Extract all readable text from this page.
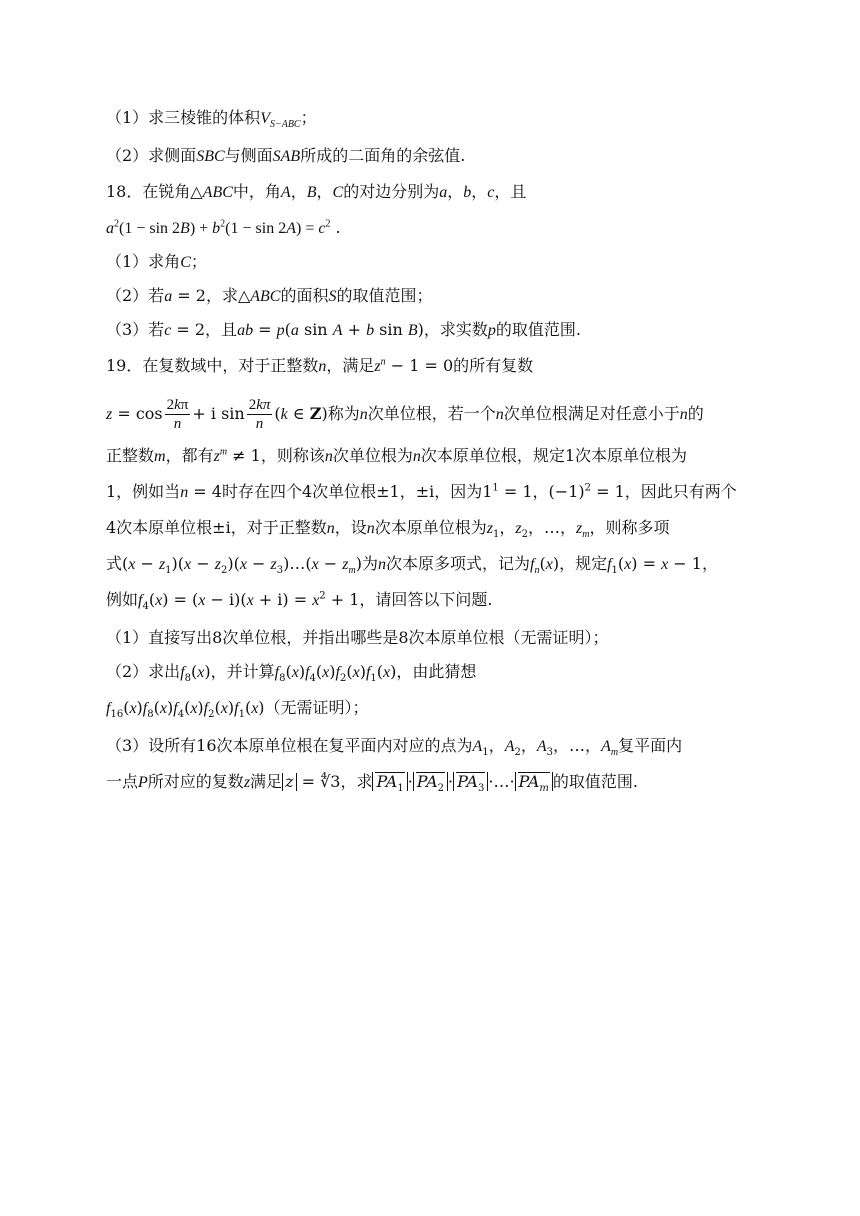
（1）求三棱锥的体积$V_{S-ABC}$；
（2）求侧面SBC与侧面SAB所成的二面角的余弦值.
18．在锐角△ABC中，角A，B，C的对边分别为a，b，c，且
$a^2(1 - \sin 2B) + b^2(1 - \sin 2A) = c^2$ .
（1）求角C；
（2）若a = 2，求△ABC的面积S的取值范围；
（3）若c = 2，且ab = p(a sin A + b sin B)，求实数p的取值范围.
19．在复数域中，对于正整数n，满足$z^n - 1 = 0$的所有复数
$z = \cos \frac{2k\pi}{n} + i$ $\sin \frac{2k\pi}{n} (k$ ∈ Z)称为n次单位根，若一个n次单位根满足对任意小于n的
正整数m，都有$z^m \ne 1$，则称该n次单位根为n次本原单位根，规定1次本原单位根为
1，例如当n = 4时存在四个4次单位根±1，±i，因为$1^1 = 1$，$(-1)^2 = 1$，因此只有两个
4次本原单位根±i，对于正整数n，设n次本原单位根为$z_1$，$z_2$，…，$z_m$，则称多项
式$(x - z_1)(x - z_2)(x$ − $z_3)\dots(x - z_m)$为n次本原多项式，记为$f_n(x)$，规定$f_1(x) = x - 1$，
例如$f_4(x) = (x - i)(x + i) = x^2 + 1$，请回答以下问题.
（1）直接写出8次单位根，并指出哪些是8次本原单位根（无需证明）；
（2）求出$f_8(x)$，并计算$f_8(x)f_4(x)f_2(x)f_1(x)$，由此猜想
$f_{16}(x)f_8(x)f_4(x)f_2(x)f_1(x)$（无需证明）；
（3）设所有16次本原单位根在复平面内对应的点为$A_1$，$A_2$，$A_3$，…，$A_m$复平面内
一点P所对应的复数z满足 z = ∜3，求 $PA_1 \cdot PA_2 \cdot PA_3$ ·…· $PA_m$ 的取值范围.
